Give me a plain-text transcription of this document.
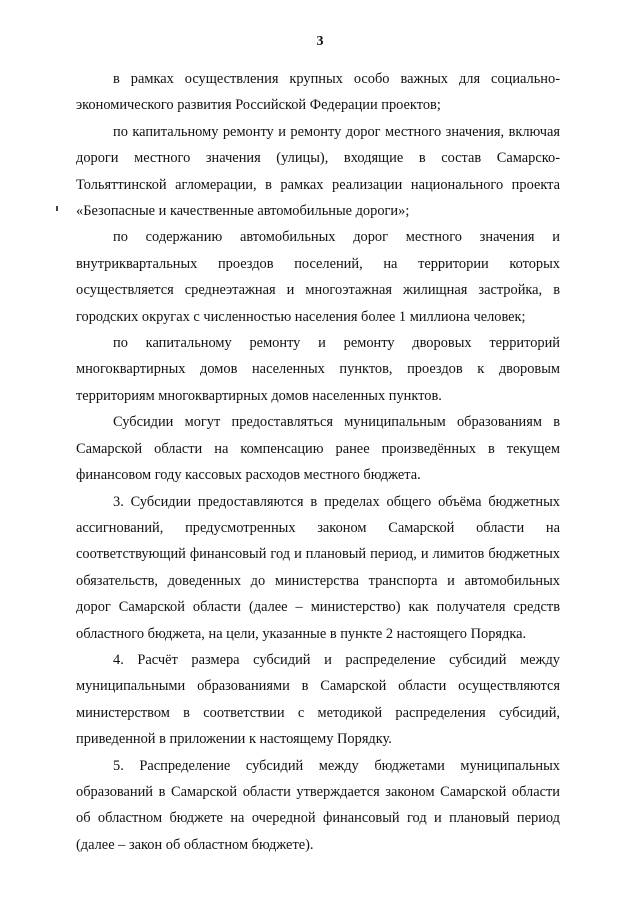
3

в рамках осуществления крупных особо важных для социально-экономического развития Российской Федерации проектов;

по капитальному ремонту и ремонту дорог местного значения, включая дороги местного значения (улицы), входящие в состав Самарско-Тольяттинской агломерации, в рамках реализации национального проекта «Безопасные и качественные автомобильные дороги»;

по содержанию автомобильных дорог местного значения и внутриквартальных проездов поселений, на территории которых осуществляется среднеэтажная и многоэтажная жилищная застройка, в городских округах с численностью населения более 1 миллиона человек;

по капитальному ремонту и ремонту дворовых территорий многоквартирных домов населенных пунктов, проездов к дворовым территориям многоквартирных домов населенных пунктов.

Субсидии могут предоставляться муниципальным образованиям в Самарской области на компенсацию ранее произведённых в текущем финансовом году кассовых расходов местного бюджета.

3. Субсидии предоставляются в пределах общего объёма бюджетных ассигнований, предусмотренных законом Самарской области на соответствующий финансовый год и плановый период, и лимитов бюджетных обязательств, доведенных до министерства транспорта и автомобильных дорог Самарской области (далее – министерство) как получателя средств областного бюджета, на цели, указанные в пункте 2 настоящего Порядка.

4. Расчёт размера субсидий и распределение субсидий между муниципальными образованиями в Самарской области осуществляются министерством в соответствии с методикой распределения субсидий, приведенной в приложении к настоящему Порядку.

5. Распределение субсидий между бюджетами муниципальных образований в Самарской области утверждается законом Самарской области об областном бюджете на очередной финансовый год и плановый период (далее – закон об областном бюджете).
